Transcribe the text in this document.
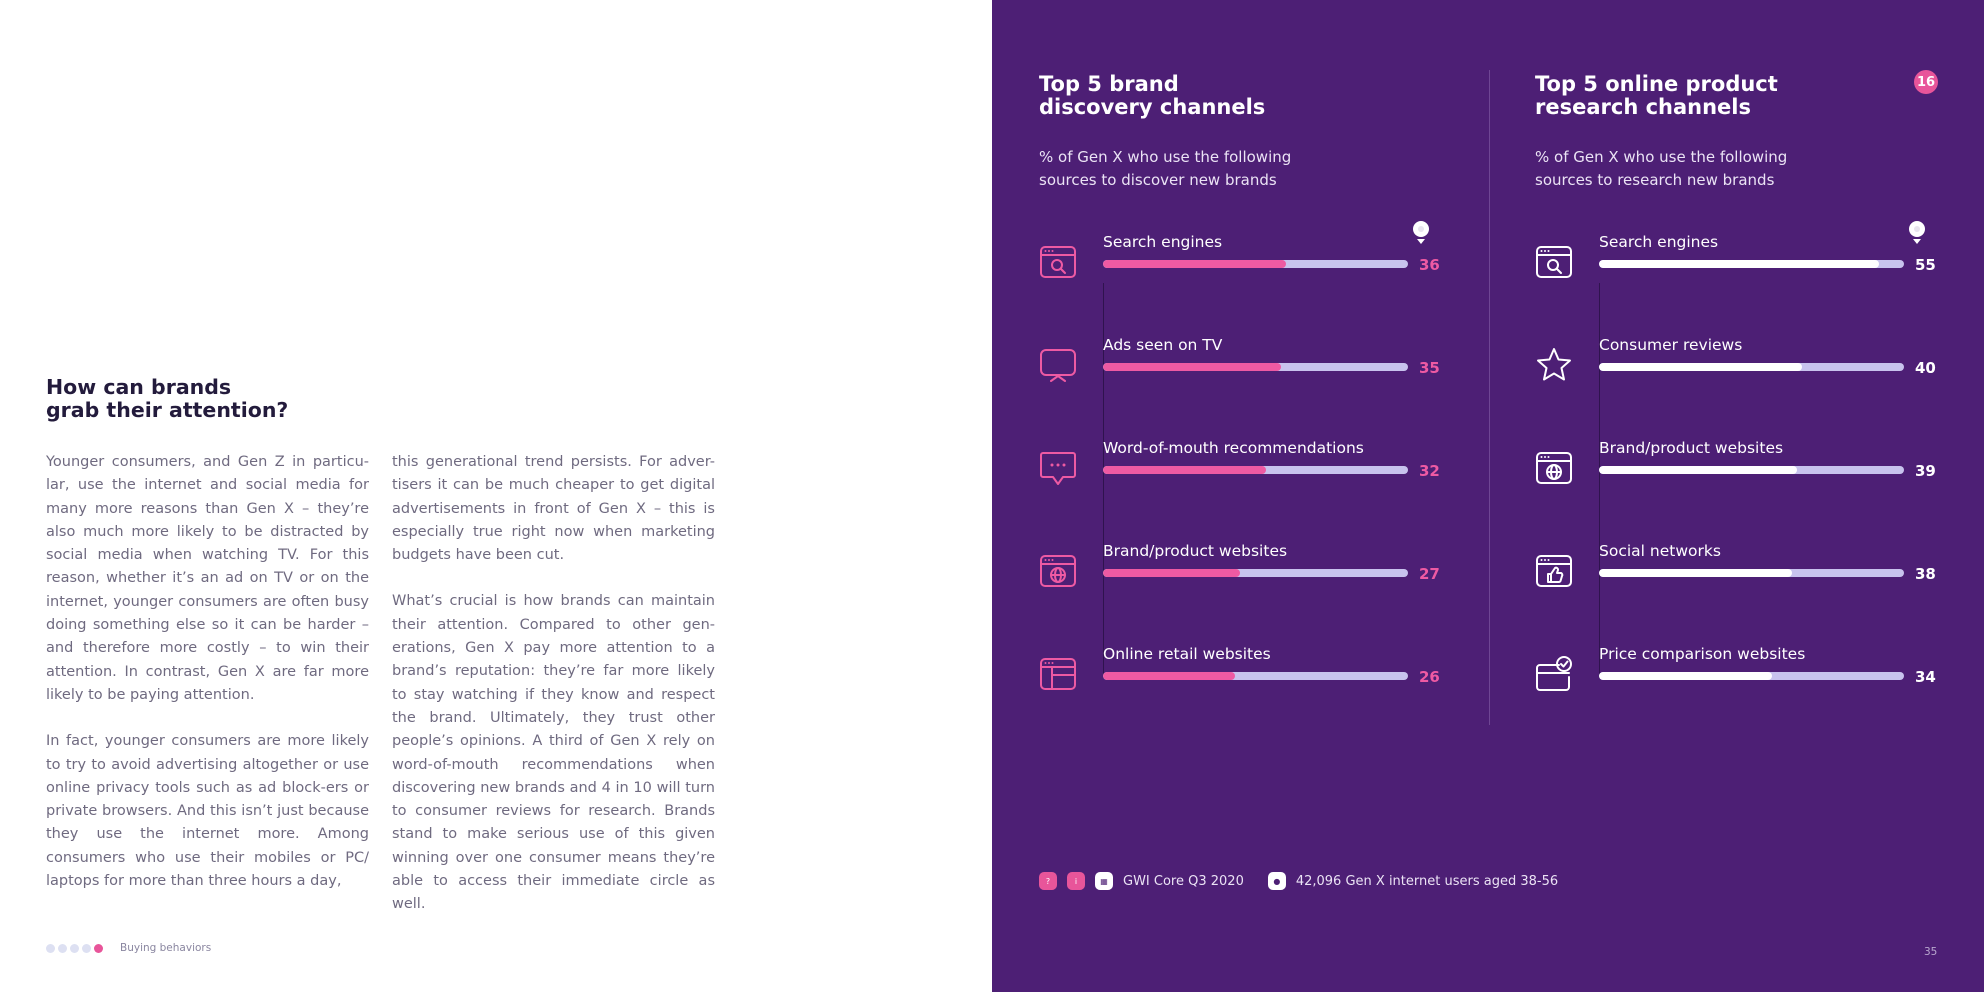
How can brands
grab their attention?

Younger consumers, and Gen Z in particu-lar, use the internet and social media for many more reasons than Gen X – they’re also much more likely to be distracted by social media when watching TV. For this reason, whether it’s an ad on TV or on the internet, younger consumers are often busy doing something else so it can be harder – and therefore more costly – to win their attention. In contrast, Gen X are far more likely to be paying attention.

In fact, younger consumers are more likely to try to avoid advertising altogether or use online privacy tools such as ad block-ers or private browsers. And this isn’t just because they use the internet more. Among consumers who use their mobiles or PC/ laptops for more than three hours a day,

this generational trend persists. For adver-tisers it can be much cheaper to get digital advertisements in front of Gen X – this is especially true right now when marketing budgets have been cut.

What’s crucial is how brands can maintain their attention. Compared to other gen-erations, Gen X pay more attention to a brand’s reputation: they’re far more likely to stay watching if they know and respect the brand. Ultimately, they trust other people’s opinions. A third of Gen X rely on word-of-mouth recommendations when discovering new brands and 4 in 10 will turn to consumer reviews for research. Brands stand to make serious use of this given winning over one consumer means they’re able to access their immediate circle as well.

Buying behaviors
16
Top 5 brand
discovery channels
% of Gen X who use the following
sources to discover new brands
Search engines
36
Ads seen on TV
35
Word-of-mouth recommendations
32
Brand/product websites
27
Online retail websites
26
Top 5 online product
research channels
% of Gen X who use the following
sources to research new brands
Search engines
55
Consumer reviews
40
Brand/product websites
39
Social networks
38
Price comparison websites
34
?	i	▦	GWI Core Q3 2020	●	42,096 Gen X internet users aged 38-56
35
